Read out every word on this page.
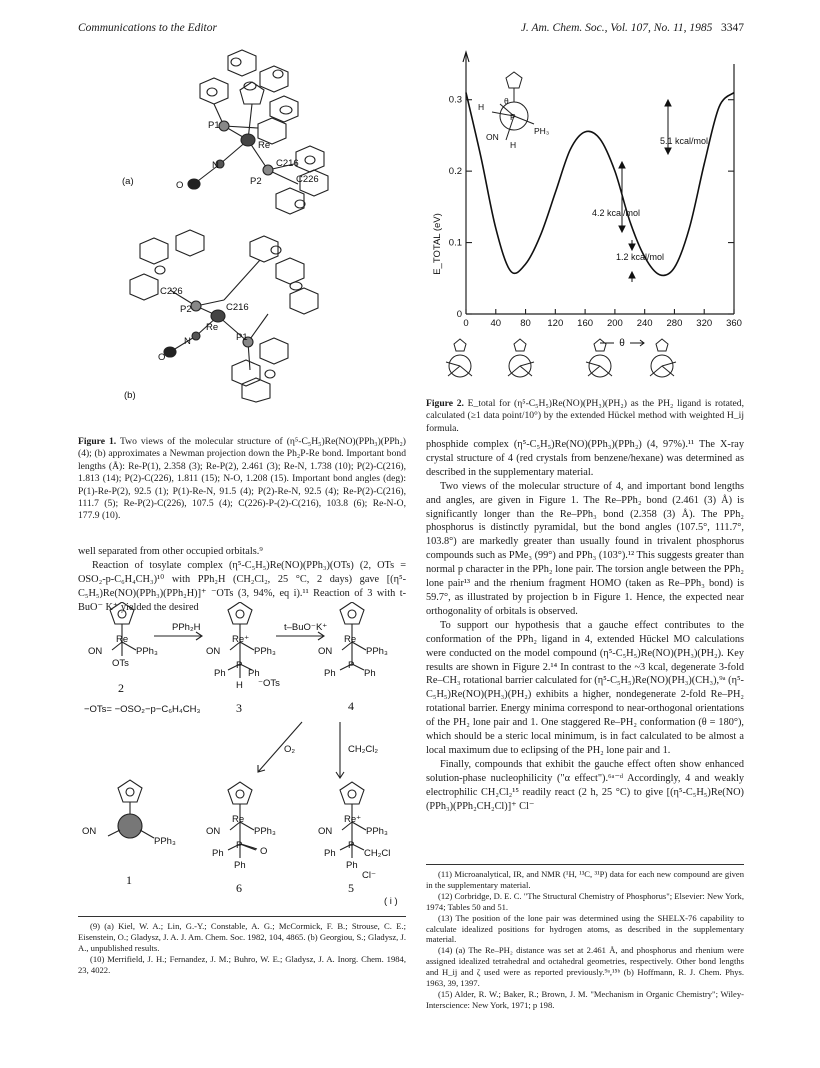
Communications to the Editor	J. Am. Chem. Soc., Vol. 107, No. 11, 1985 3347
(a)
P1
Re
N
O	P2
C216
C226
(b)
C226
P2	C216
Re
N
O
P1
Figure 1. Two views of the molecular structure of (η⁵-C₅H₅)Re(NO)(PPh₃)(PPh₂) (4); (b) approximates a Newman projection down the Ph₂P-Re bond. Important bond lengths (Å): Re-P(1), 2.358 (3); Re-P(2), 2.461 (3); Re-N, 1.738 (10); P(2)-C(216), 1.813 (14); P(2)-C(226), 1.811 (15); N-O, 1.208 (15). Important bond angles (deg): P(1)-Re-P(2), 92.5 (1); P(1)-Re-N, 91.5 (4); P(2)-Re-N, 92.5 (4); Re-P(2)-C(216), 111.7 (5); Re-P(2)-C(226), 107.5 (4); C(226)-P-(2)-C(216), 103.8 (6); Re-N-O, 177.9 (10).

well separated from other occupied orbitals.⁹

Reaction of tosylate complex (η⁵-C₅H₅)Re(NO)(PPh₃)(OTs) (2, OTs = OSO₂-p-C₆H₄CH₃)¹⁰ with PPh₂H (CH₂Cl₂, 25 °C, 2 days) gave [(η⁵-C₅H₅)Re(NO)(PPh₃)(PPh₂H)]⁺ ⁻OTs (3, 94%, eq i).¹¹ Reaction of 3 with t-BuO⁻ K⁺ yielded the desired

PPh₂H	t–BuO⁻K⁺
ON
Re
PPh₃
OTs
2
−OTs= −OSO₂−p−C₆H₄CH₃
ON
Re⁺
PPh₃
P
Ph Ph
H ⁻OTs
3
ON
Re
PPh₃
P
Ph	Ph
4
O₂	CH₂Cl₂
ON
PPh₃
1
ON
Re
PPh₃
P
Ph	O
Ph
6
ON
Re⁺
PPh₃
P
Ph	CH₂Cl
Ph
Cl⁻
5
( i )

(9) (a) Kiel, W. A.; Lin, G.-Y.; Constable, A. G.; McCormick, F. B.; Strouse, C. E.; Eisenstein, O.; Gladysz, J. A. J. Am. Chem. Soc. 1982, 104, 4865. (b) Georgiou, S.; Gladysz, J. A., unpublished results.

(10) Merrifield, J. H.; Fernandez, J. M.; Buhro, W. E.; Gladysz, J. A. Inorg. Chem. 1984, 23, 4022.

0 40 80 120 160 200 240 280 320 360
0
0.1
0.2
0.3
E_TOTAL (eV)
θ
5.1 kcal/mol
4.2 kcal/mol
1.2 kcal/mol
H
P
ON
PH₃
H
θ
Figure 2. E_total for (η⁵-C₅H₅)Re(NO)(PH₃)(PH₂) as the PH₂ ligand is rotated, calculated (≥1 data point/10°) by the extended Hückel method with weighted H_ij formula.

phosphide complex (η⁵-C₅H₅)Re(NO)(PPh₃)(PPh₂) (4, 97%).¹¹ The X-ray crystal structure of 4 (red crystals from benzene/hexane) was determined as described in the supplementary material.

Two views of the molecular structure of 4, and important bond lengths and angles, are given in Figure 1. The Re–PPh₂ bond (2.461 (3) Å) is significantly longer than the Re–PPh₃ bond (2.358 (3) Å). The PPh₂ phosphorus is distinctly pyramidal, but the bond angles (107.5°, 111.7°, 103.8°) are markedly greater than usually found in trivalent phosphorus compounds such as PMe₃ (99°) and PPh₃ (103°).¹² This suggests greater than normal p character in the PPh₂ lone pair. The torsion angle between the PPh₂ lone pair¹³ and the rhenium fragment HOMO (taken as Re–PPh₃ bond) is 59.7°, as illustrated by projection b in Figure 1. Hence, the expected near orthogonality of orbitals is observed.

To support our hypothesis that a gauche effect contributes to the conformation of the PPh₂ ligand in 4, extended Hückel MO calculations were conducted on the model compound (η⁵-C₅H₅)Re(NO)(PH₃)(PH₂). Key results are shown in Figure 2.¹⁴ In contrast to the ~3 kcal, degenerate 3-fold Re–CH₃ rotational barrier calculated for (η⁵-C₅H₅)Re(NO)(PH₃)(CH₃),⁹ᵃ (η⁵-C₅H₅)Re(NO)(PH₃)(PH₂) exhibits a higher, nondegenerate 2-fold Re–PH₂ rotational barrier. Energy minima correspond to near-orthogonal orientations of the PH₂ lone pair and 1. One staggered Re–PH₂ conformation (θ = 180°), which should be a steric local minimum, is in fact calculated to be almost a local maximum due to eclipsing of the PH₂ lone pair and 1.

Finally, compounds that exhibit the gauche effect often show enhanced solution-phase nucleophilicity ("α effect").⁶ᵃ⁻ᵈ Accordingly, 4 and weakly electrophilic CH₂Cl₂¹⁵ readily react (2 h, 25 °C) to give [(η⁵-C₅H₅)Re(NO)(PPh₃)(PPh₂CH₂Cl)]⁺ Cl⁻

(11) Microanalytical, IR, and NMR (¹H, ¹³C, ³¹P) data for each new compound are given in the supplementary material.

(12) Corbridge, D. E. C. "The Structural Chemistry of Phosphorus"; Elsevier: New York, 1974; Tables 50 and 51.

(13) The position of the lone pair was determined using the SHELX-76 capability to calculate idealized positions for hydrogen atoms, as described in the supplementary material.

(14) (a) The Re–PH₂ distance was set at 2.461 Å, and phosphorus and rhenium were assigned idealized tetrahedral and octahedral geometries, respectively. Other bond lengths and H_ij and ζ used were as reported previously.⁹ᵃ,¹⁵ᵇ (b) Hoffmann, R. J. Chem. Phys. 1963, 39, 1397.

(15) Alder, R. W.; Baker, R.; Brown, J. M. "Mechanism in Organic Chemistry"; Wiley-Interscience: New York, 1971; p 198.
